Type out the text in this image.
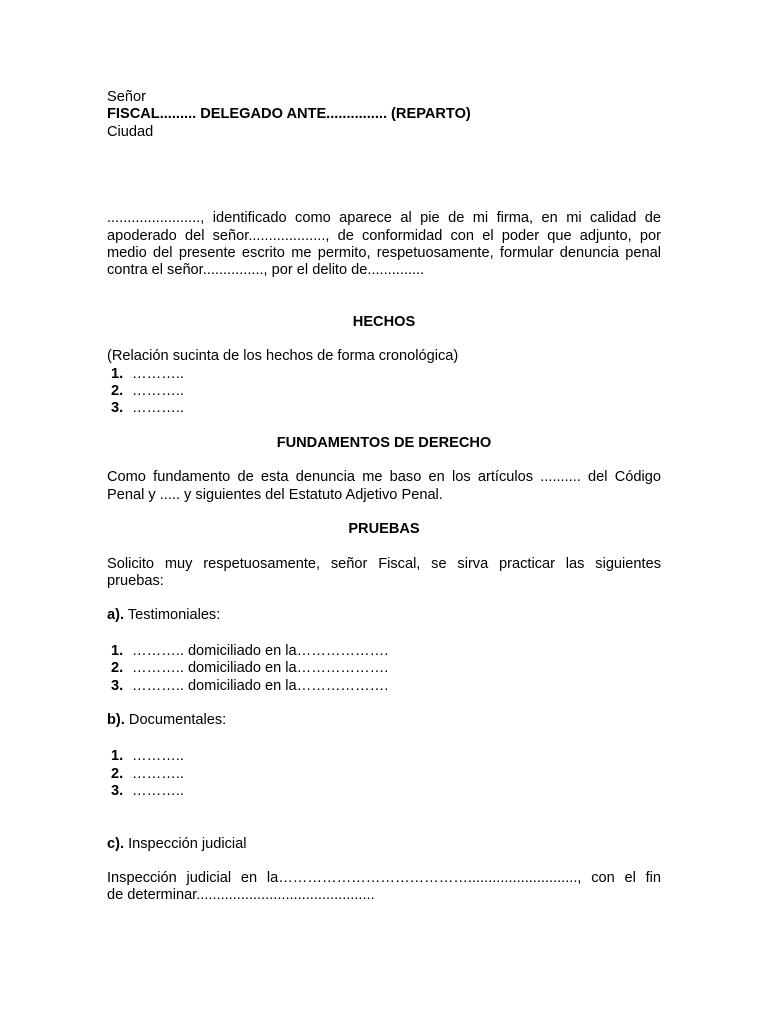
Señor

FISCAL......... DELEGADO ANTE............... (REPARTO)

Ciudad

......................., identificado como aparece al pie de mi firma, en mi calidad de

apoderado del señor..................., de conformidad con el poder que adjunto, por

medio del presente escrito me permito, respetuosamente, formular denuncia penal

contra el señor..............., por el delito de..............

HECHOS

(Relación sucinta de los hechos de forma cronológica)

1. ………..
2. ………..
3. ………..

FUNDAMENTOS DE DERECHO

Como fundamento de esta denuncia me baso en los artículos .......... del Código

Penal y ..... y siguientes del Estatuto Adjetivo Penal.

PRUEBAS

Solicito muy respetuosamente, señor Fiscal, se sirva practicar las siguientes

pruebas:

a). Testimoniales:

1. ……….. domiciliado en la……………….
2. ……….. domiciliado en la……………….
3. ……….. domiciliado en la……………….

b). Documentales:

1. ………..
2. ………..
3. ………..

c). Inspección judicial

Inspección judicial en la…………………………………..........................., con el fin

de determinar............................................
